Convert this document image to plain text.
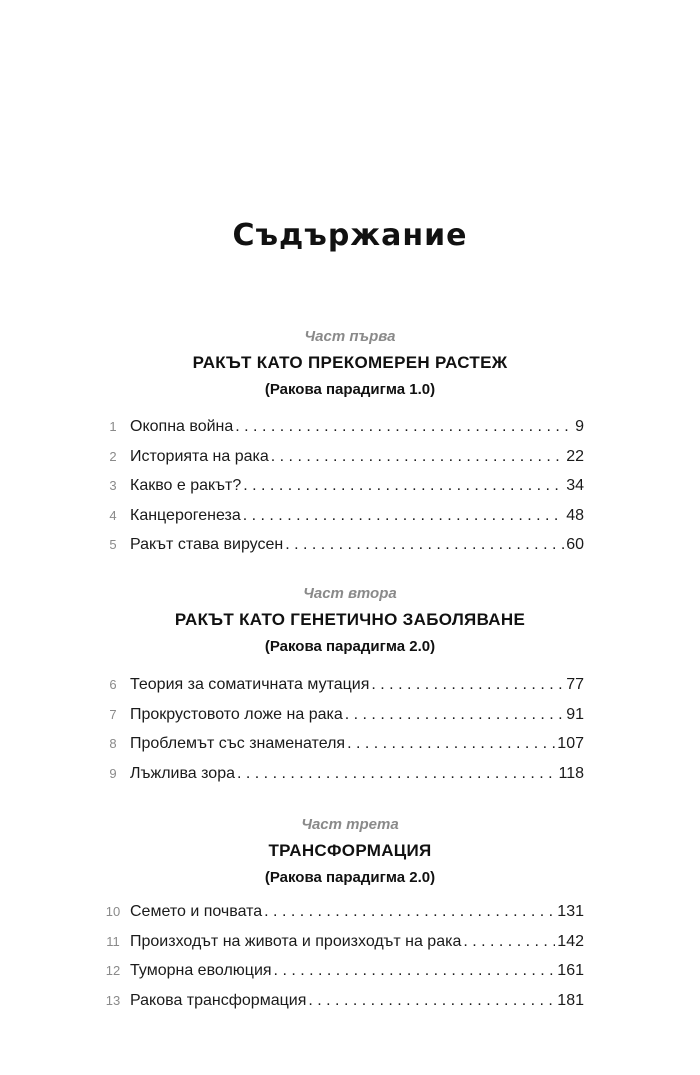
Съдържание
Част първа
РАКЪТ КАТО ПРЕКОМЕРЕН РАСТЕЖ
(Ракова парадигма 1.0)
1 Окопна война . . .	9
2 Историята на рака . . .	22
3 Какво е ракът? . . .	34
4 Канцерогенеза . . .	48
5 Ракът става вирусен . . .	60
Част втора
РАКЪТ КАТО ГЕНЕТИЧНО ЗАБОЛЯВАНЕ
(Ракова парадигма 2.0)
6 Теория за соматичната мутация . . .	77
7 Прокрустовото ложе на рака . . .	91
8 Проблемът със знаменателя . . .	107
9 Лъжлива зора . . .	118
Част трета
ТРАНСФОРМАЦИЯ
(Ракова парадигма 2.0)
10 Семето и почвата . . .	131
11 Произходът на живота и произходът на рака . . .	142
12 Туморна еволюция . . .	161
13 Ракова трансформация . . .	181
